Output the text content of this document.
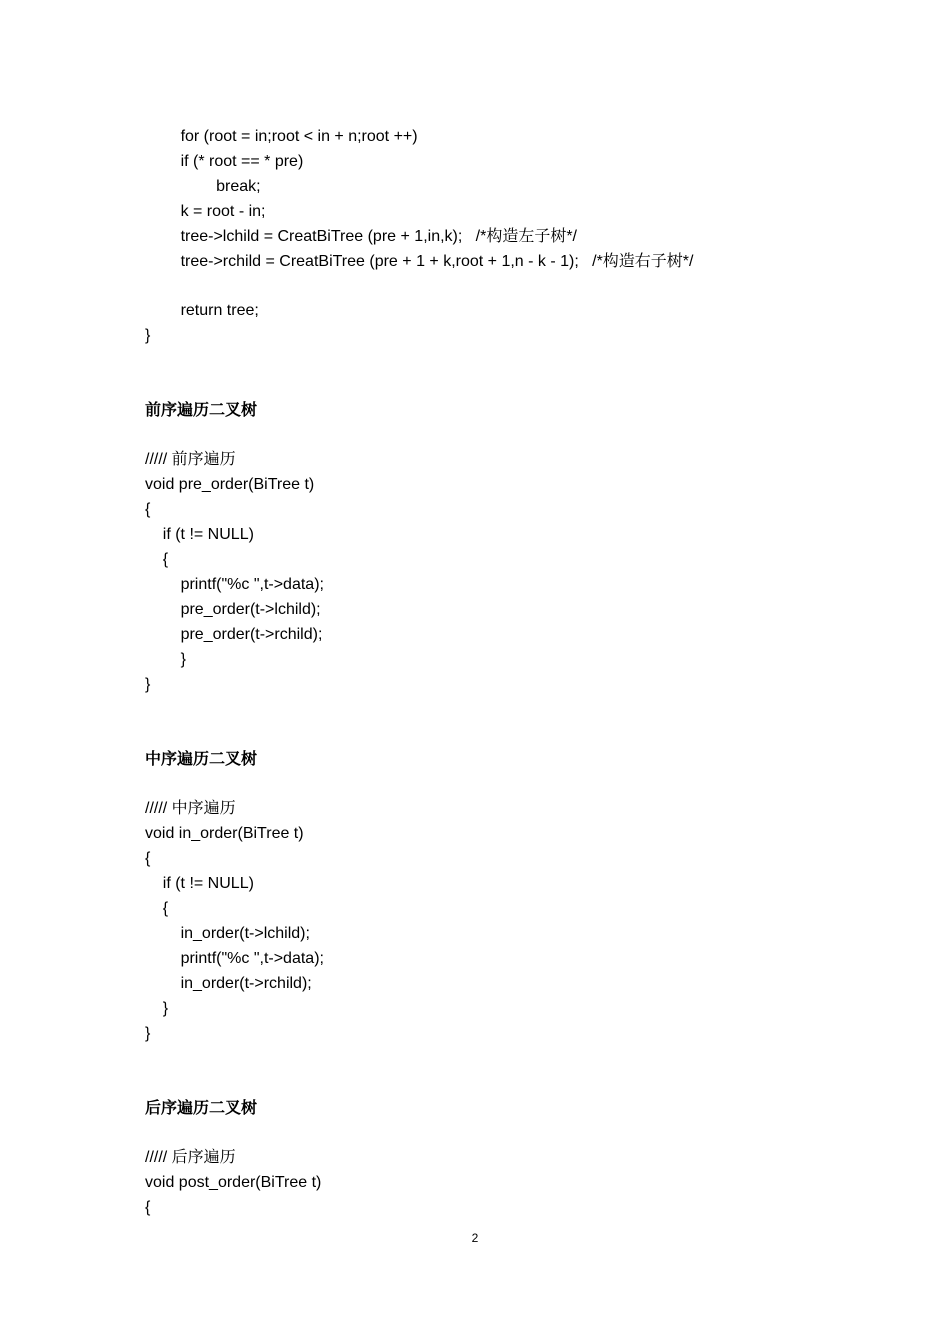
for (root = in;root < in + n;root ++)
if (* root == * pre)
break;
k = root - in;
tree->lchild = CreatBiTree (pre + 1,in,k);   /*构造左子树*/
tree->rchild = CreatBiTree (pre + 1 + k,root + 1,n - k - 1);   /*构造右子树*/
return tree;
}
前序遍历二叉树
///// 前序遍历
void pre_order(BiTree t)
{
if (t != NULL)
{
printf("%c ",t->data);
pre_order(t->lchild);
pre_order(t->rchild);
}
}
中序遍历二叉树
///// 中序遍历
void in_order(BiTree t)
{
if (t != NULL)
{
in_order(t->lchild);
printf("%c ",t->data);
in_order(t->rchild);
}
}
后序遍历二叉树
///// 后序遍历
void post_order(BiTree t)
{
2
